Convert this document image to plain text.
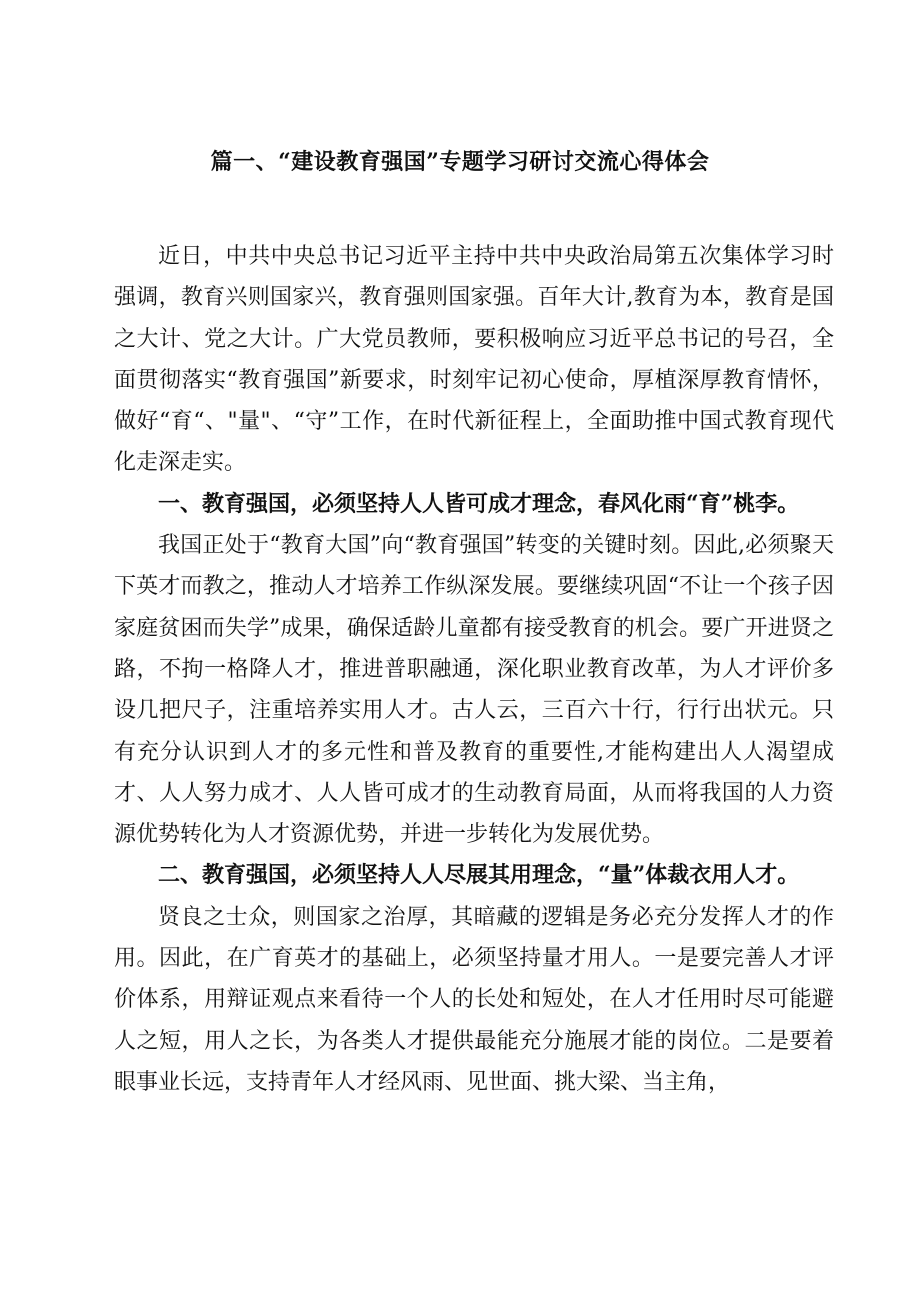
篇一、“建设教育强国”专题学习研讨交流心得体会

近日，中共中央总书记习近平主持中共中央政治局第五次集体学习时强调，教育兴则国家兴，教育强则国家强。百年大计,教育为本，教育是国之大计、党之大计。广大党员教师，要积极响应习近平总书记的号召，全面贯彻落实“教育强国”新要求，时刻牢记初心使命，厚植深厚教育情怀，做好“育“、"量"、“守”工作，在时代新征程上，全面助推中国式教育现代化走深走实。

一、教育强国，必须坚持人人皆可成才理念，春风化雨“育”桃李。

我国正处于“教育大国”向“教育强国”转变的关键时刻。因此,必须聚天下英才而教之，推动人才培养工作纵深发展。要继续巩固“不让一个孩子因家庭贫困而失学”成果，确保适龄儿童都有接受教育的机会。要广开进贤之路，不拘一格降人才，推进普职融通，深化职业教育改革，为人才评价多设几把尺子，注重培养实用人才。古人云，三百六十行，行行出状元。只有充分认识到人才的多元性和普及教育的重要性,才能构建出人人渴望成才、人人努力成才、人人皆可成才的生动教育局面，从而将我国的人力资源优势转化为人才资源优势，并进一步转化为发展优势。

二、教育强国，必须坚持人人尽展其用理念，“量”体裁衣用人才。

贤良之士众，则国家之治厚，其暗藏的逻辑是务必充分发挥人才的作用。因此，在广育英才的基础上，必须坚持量才用人。一是要完善人才评价体系，用辩证观点来看待一个人的长处和短处，在人才任用时尽可能避人之短，用人之长，为各类人才提供最能充分施展才能的岗位。二是要着眼事业长远，支持青年人才经风雨、见世面、挑大梁、当主角，
